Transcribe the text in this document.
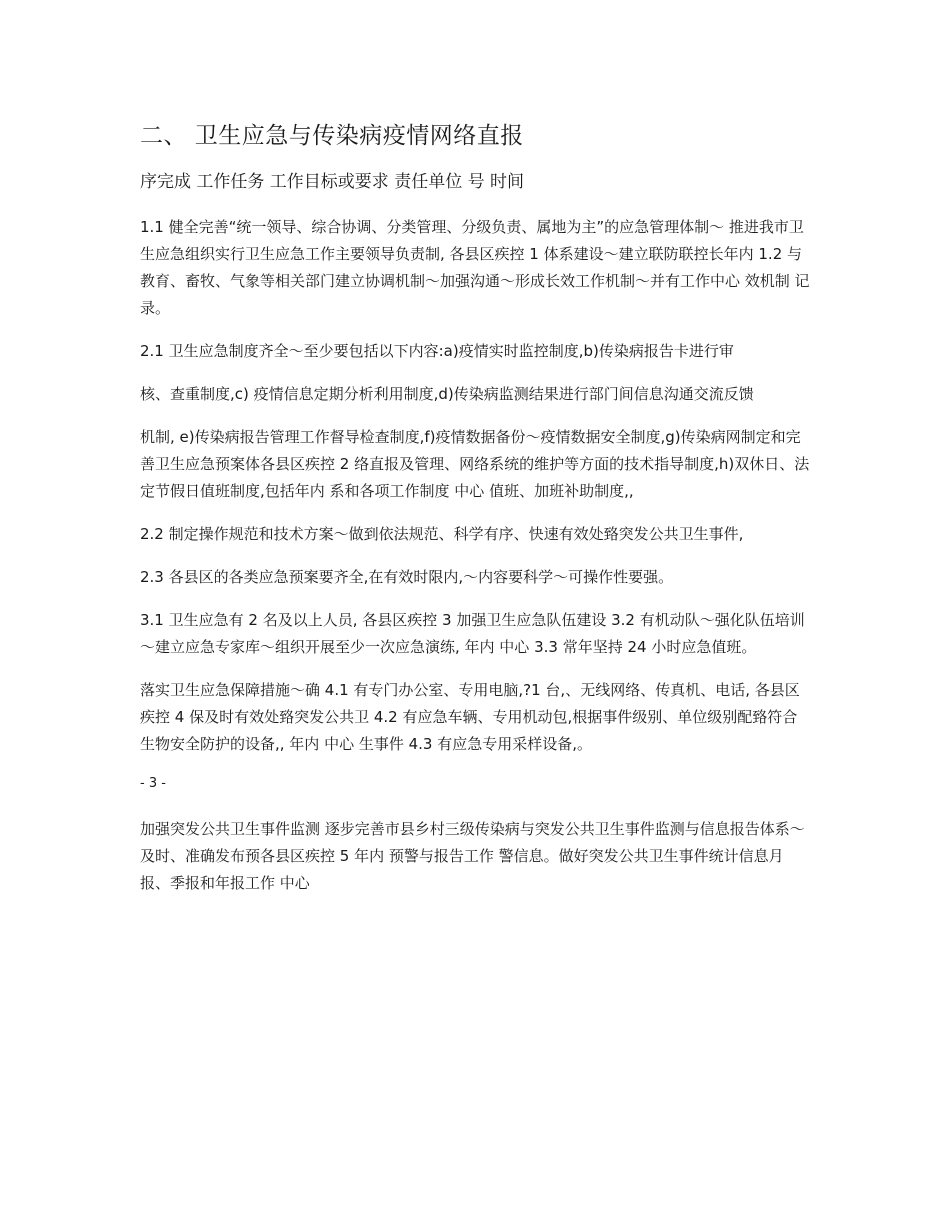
二、 卫生应急与传染病疫情网络直报

序完成 工作任务 工作目标或要求 责任单位 号 时间

1.1 健全完善“统一领导、综合协调、分类管理、分级负责、属地为主”的应急管理体制～ 推进我市卫生应急组织实行卫生应急工作主要领导负责制, 各县区疾控 1 体系建设～建立联防联控长年内 1.2 与教育、畜牧、气象等相关部门建立协调机制～加强沟通～形成长效工作机制～并有工作中心 效机制 记录。

2.1 卫生应急制度齐全～至少要包括以下内容:a)疫情实时监控制度,b)传染病报告卡进行审

核、查重制度,c) 疫情信息定期分析利用制度,d)传染病监测结果进行部门间信息沟通交流反馈

机制, e)传染病报告管理工作督导检查制度,f)疫情数据备份～疫情数据安全制度,g)传染病网制定和完善卫生应急预案体各县区疾控 2 络直报及管理、网络系统的维护等方面的技术指导制度,h)双休日、法定节假日值班制度,包括年内 系和各项工作制度 中心 值班、加班补助制度,,

2.2 制定操作规范和技术方案～做到依法规范、科学有序、快速有效处臵突发公共卫生事件,

2.3 各县区的各类应急预案要齐全,在有效时限内,～内容要科学～可操作性要强。

3.1 卫生应急有 2 名及以上人员, 各县区疾控 3 加强卫生应急队伍建设 3.2 有机动队～强化队伍培训～建立应急专家库～组织开展至少一次应急演练, 年内 中心 3.3 常年坚持 24 小时应急值班。

落实卫生应急保障措施～确 4.1 有专门办公室、专用电脑,?1 台,、无线网络、传真机、电话, 各县区疾控 4 保及时有效处臵突发公共卫 4.2 有应急车辆、专用机动包,根据事件级别、单位级别配臵符合生物安全防护的设备,, 年内 中心 生事件 4.3 有应急专用采样设备,。

- 3 -

加强突发公共卫生事件监测 逐步完善市县乡村三级传染病与突发公共卫生事件监测与信息报告体系～及时、准确发布预各县区疾控 5 年内 预警与报告工作 警信息。做好突发公共卫生事件统计信息月报、季报和年报工作 中心
